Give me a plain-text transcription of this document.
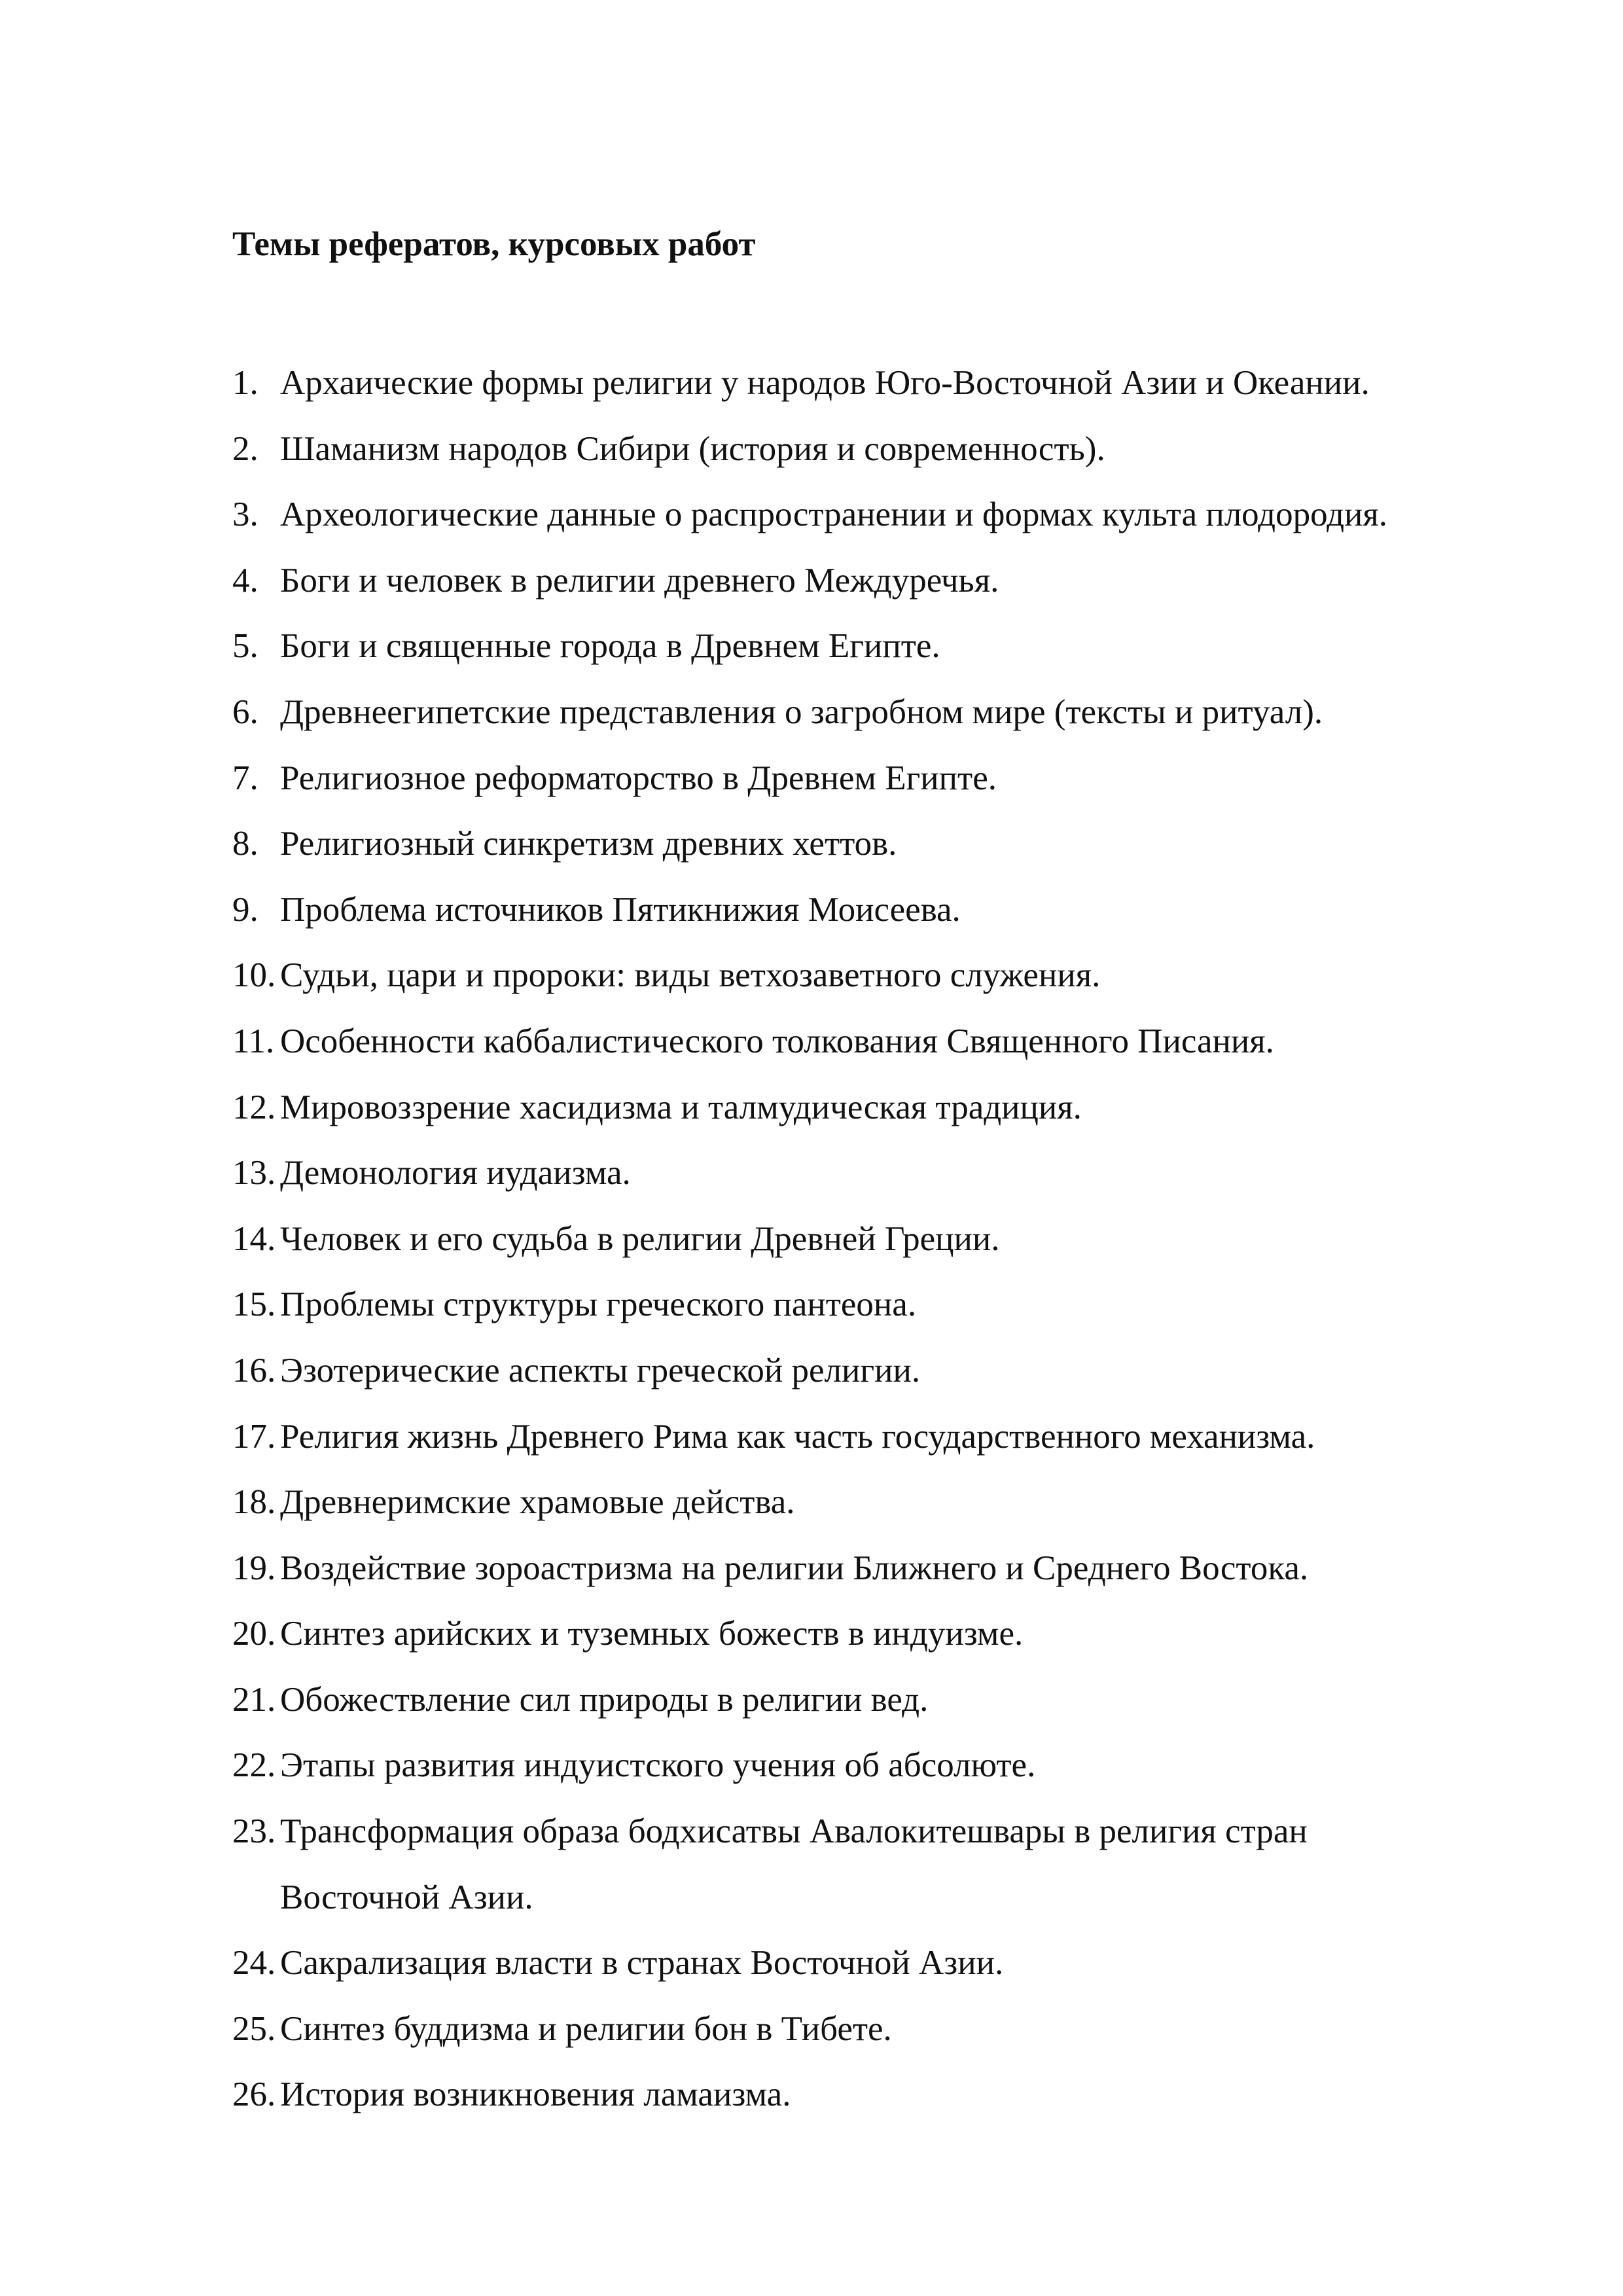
Темы рефератов, курсовых работ
1. Архаические формы религии у народов Юго-Восточной Азии и Океании.
2. Шаманизм народов Сибири (история и современность).
3. Археологические данные о распространении и формах культа плодородия.
4. Боги и человек в религии древнего Междуречья.
5. Боги и священные города в Древнем Египте.
6. Древнеегипетские представления о загробном мире (тексты и ритуал).
7. Религиозное реформаторство в Древнем Египте.
8. Религиозный синкретизм древних хеттов.
9. Проблема источников Пятикнижия Моисеева.
10. Судьи, цари и пророки: виды ветхозаветного служения.
11. Особенности каббалистического толкования Священного Писания.
12. Мировоззрение хасидизма и талмудическая традиция.
13. Демонология иудаизма.
14. Человек и его судьба в религии Древней Греции.
15. Проблемы структуры греческого пантеона.
16. Эзотерические аспекты греческой религии.
17. Религия жизнь Древнего Рима как часть государственного механизма.
18. Древнеримские храмовые действа.
19. Воздействие зороастризма на религии Ближнего и Среднего Востока.
20. Синтез арийских и туземных божеств в индуизме.
21. Обожествление сил природы в религии вед.
22. Этапы развития индуистского учения об абсолюте.
23. Трансформация образа бодхисатвы Авалокитешвары в религия стран
Восточной Азии.
24. Сакрализация власти в странах Восточной Азии.
25. Синтез буддизма и религии бон в Тибете.
26. История возникновения ламаизма.
